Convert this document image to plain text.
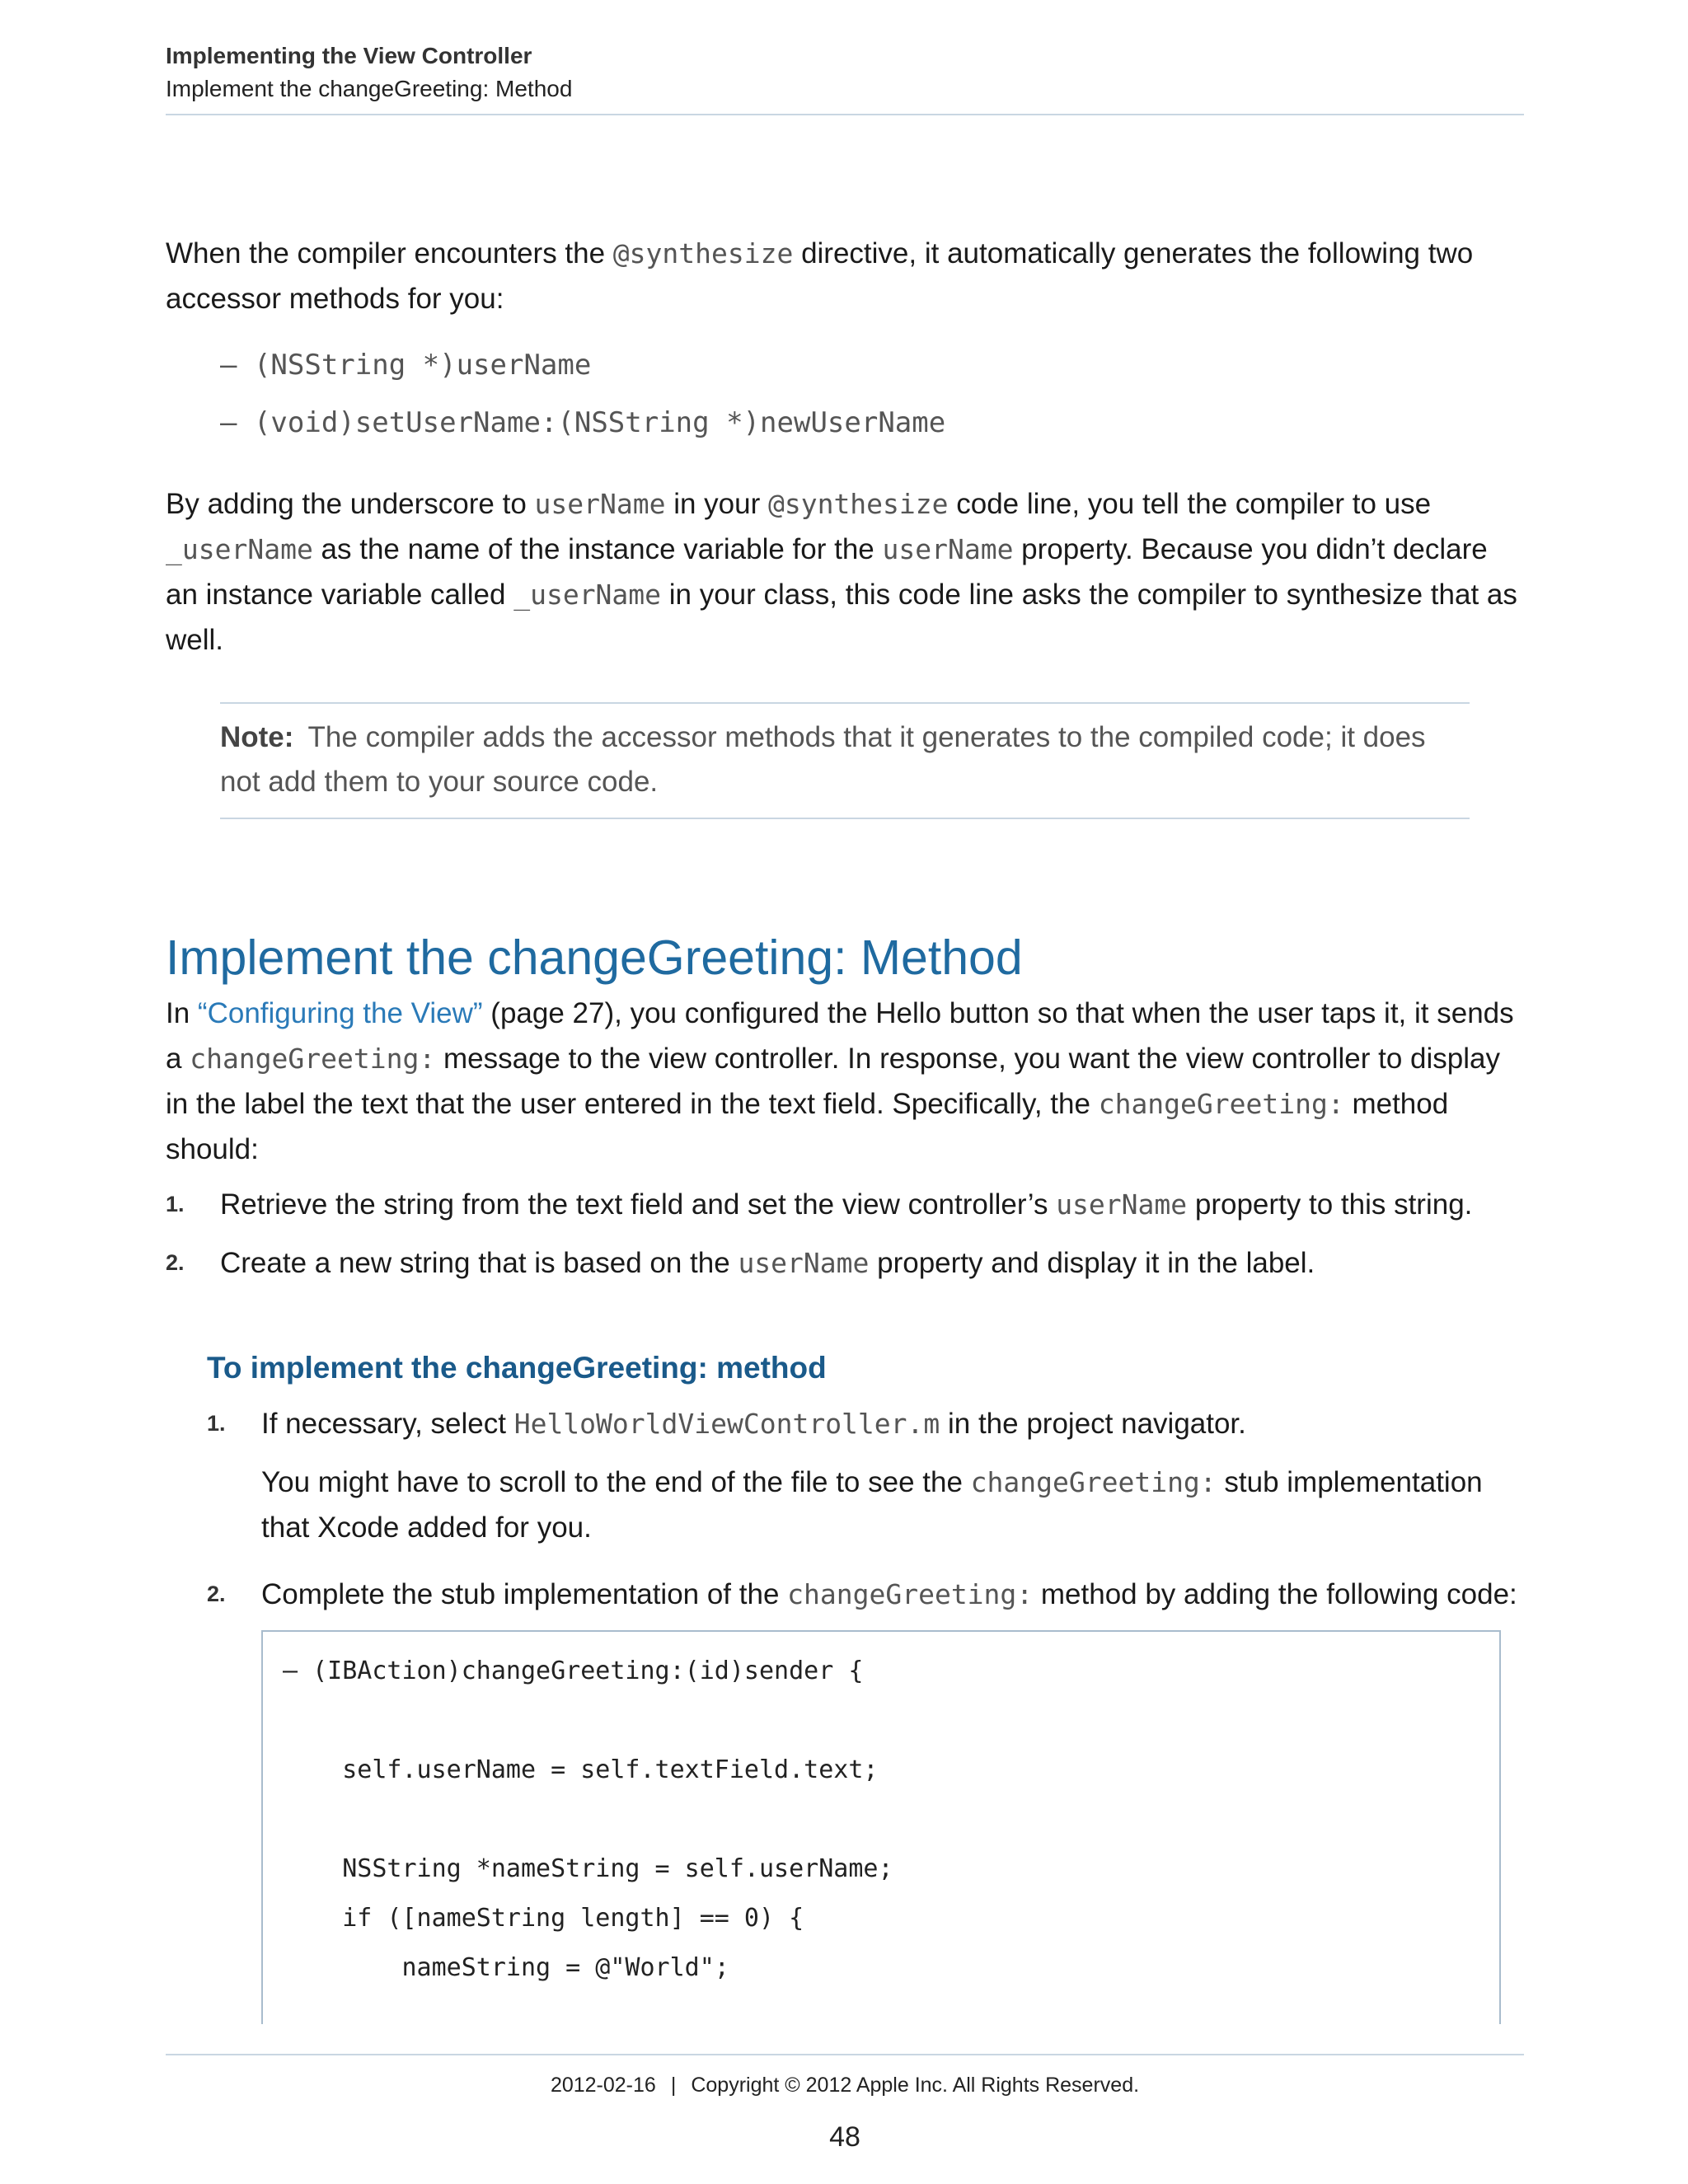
Implementing the View Controller
Implement the changeGreeting: Method

When the compiler encounters the @synthesize directive, it automatically generates the following two accessor methods for you:

– (NSString *)userName
– (void)setUserName:(NSString *)newUserName

By adding the underscore to userName in your @synthesize code line, you tell the compiler to use _userName as the name of the instance variable for the userName property. Because you didn’t declare an instance variable called _userName in your class, this code line asks the compiler to synthesize that as well.

Note: The compiler adds the accessor methods that it generates to the compiled code; it does not add them to your source code.
Implement the changeGreeting: Method

In “Configuring the View” (page 27), you configured the Hello button so that when the user taps it, it sends a changeGreeting: message to the view controller. In response, you want the view controller to display in the label the text that the user entered in the text field. Specifically, the changeGreeting: method should:

1. Retrieve the string from the text field and set the view controller’s userName property to this string.
2. Create a new string that is based on the userName property and display it in the label.
To implement the changeGreeting: method
1. If necessary, select HelloWorldViewController.m in the project navigator.

You might have to scroll to the end of the file to see the changeGreeting: stub implementation that Xcode added for you.

2. Complete the stub implementation of the changeGreeting: method by adding the following code:

– (IBAction)changeGreeting:(id)sender {
self.userName = self.textField.text;
NSString *nameString = self.userName;
if ([nameString length] == 0) {
nameString = @"World";
2012-02-16 | Copyright © 2012 Apple Inc. All Rights Reserved.
48
